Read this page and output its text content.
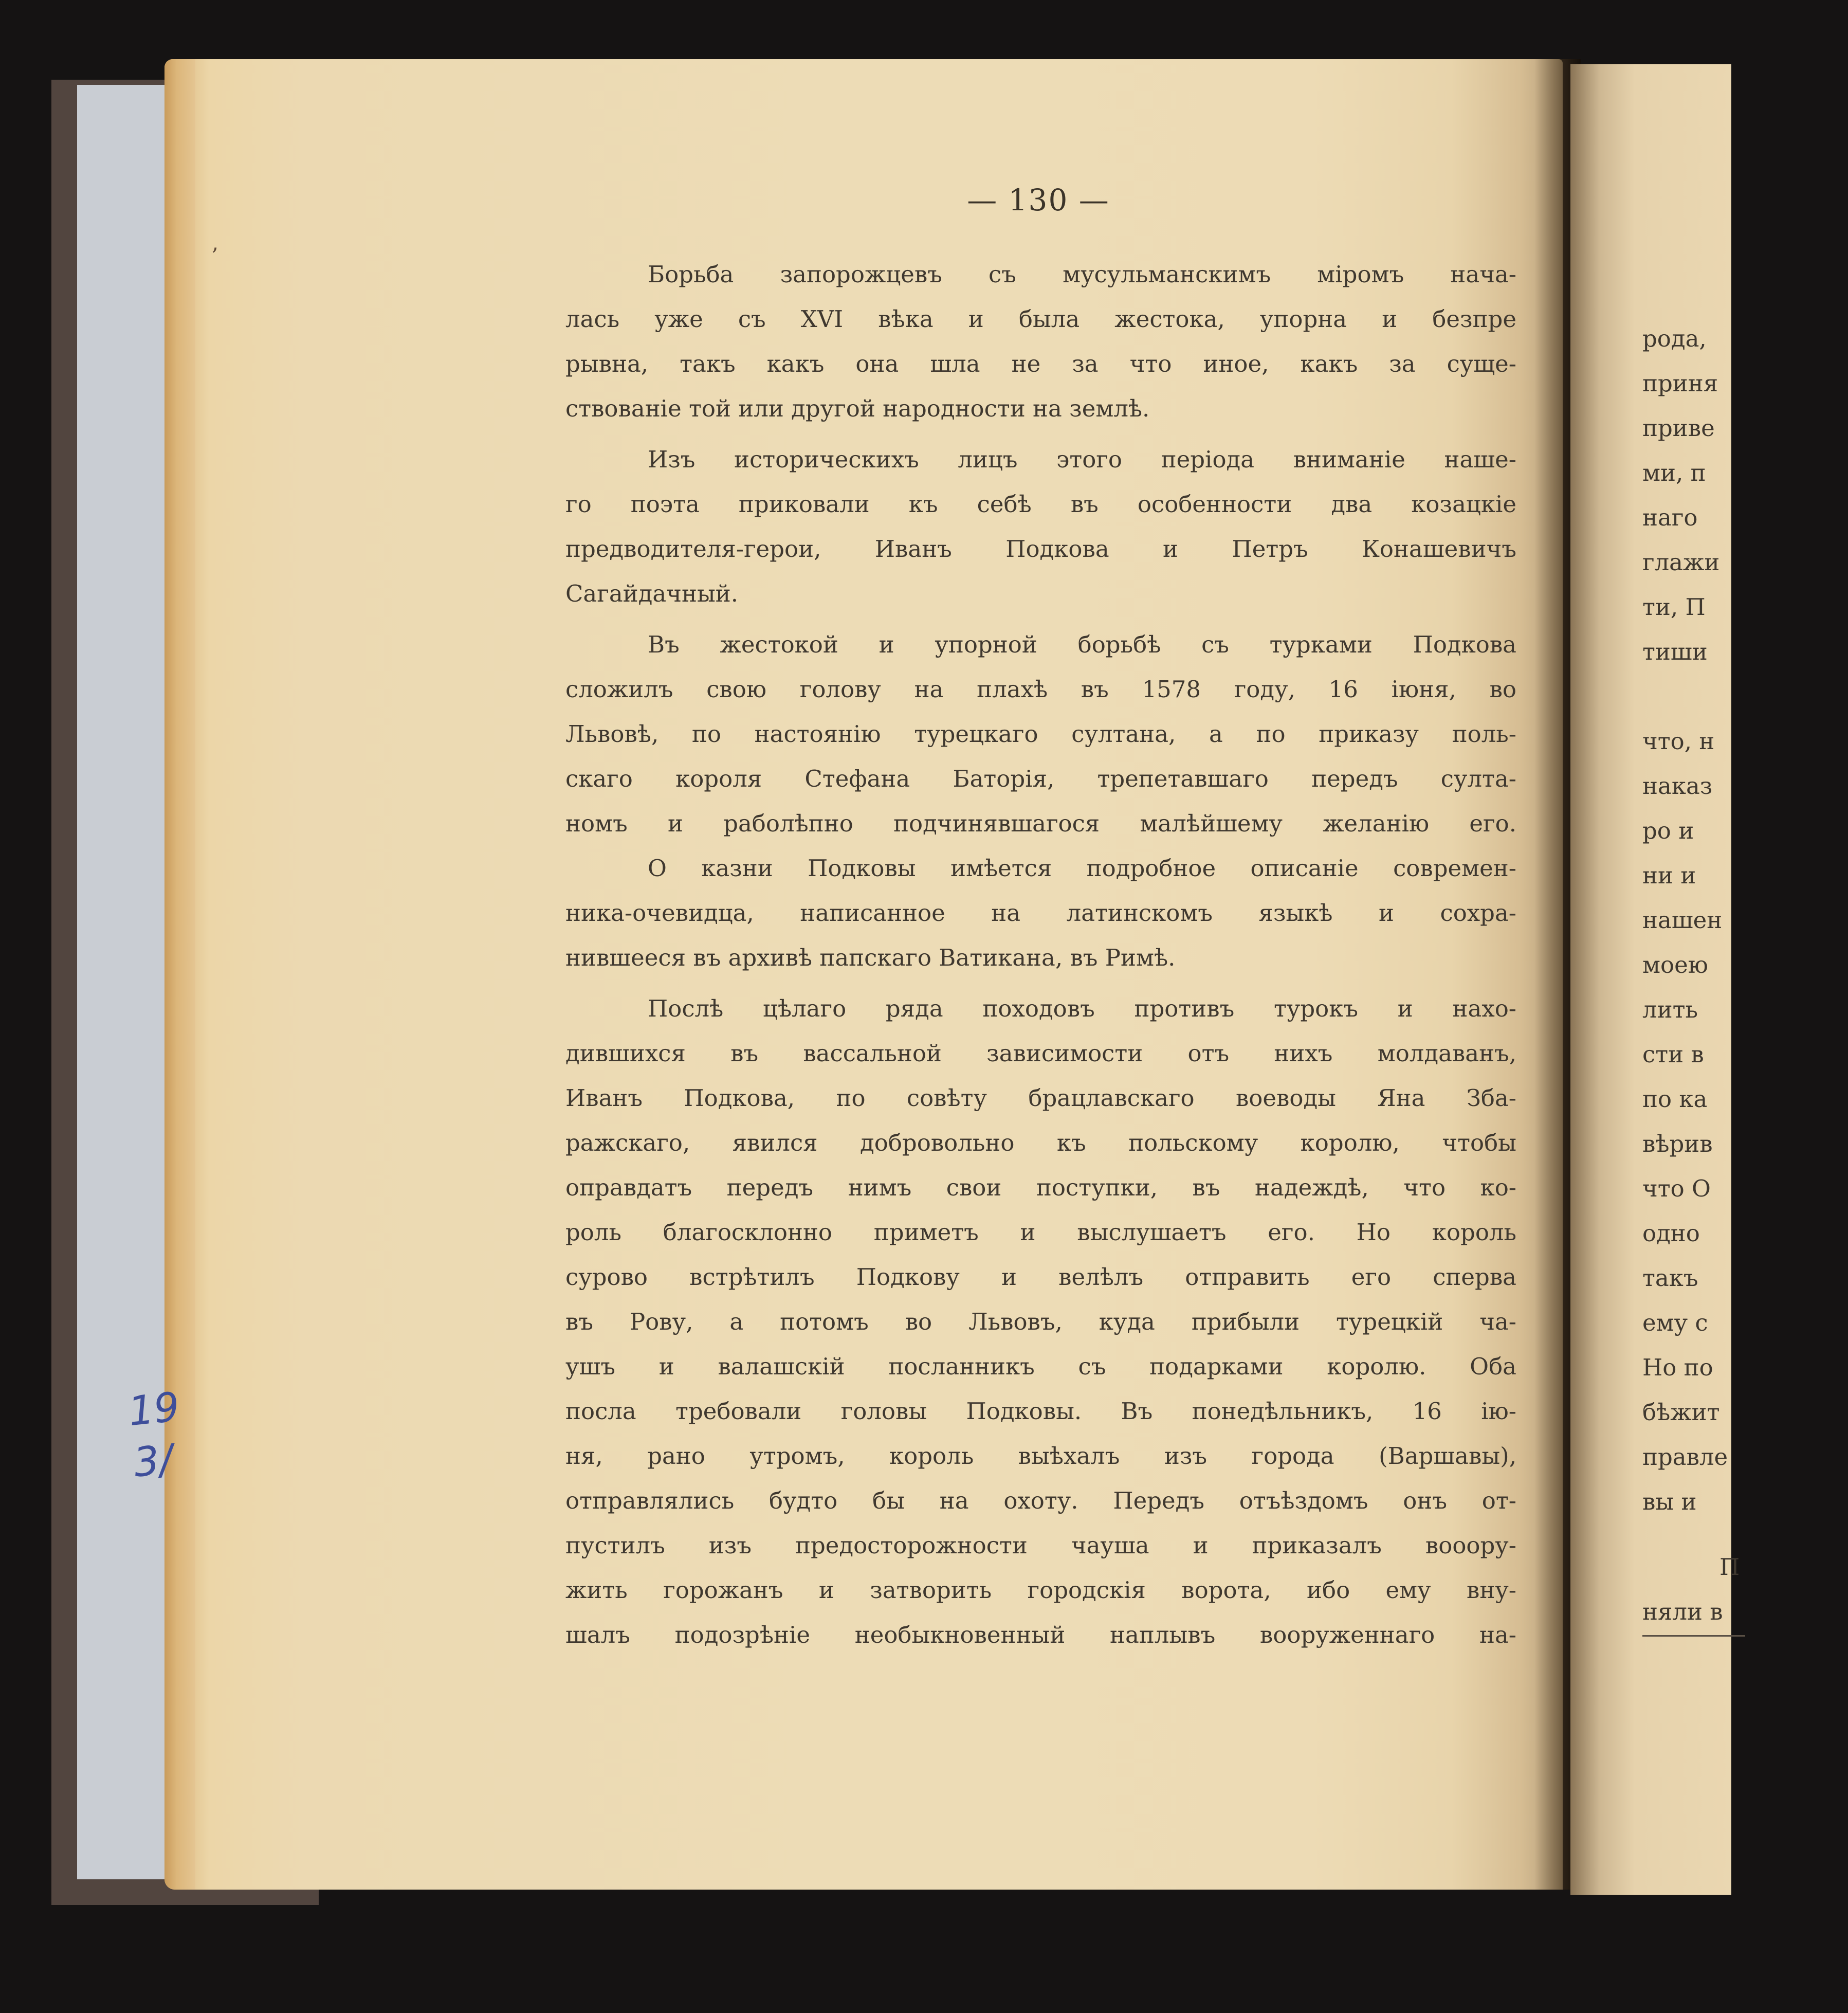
‚
— 130 —
Борьба запорожцевъ съ мусульманскимъ міромъ нача-
лась уже съ XVI вѣка и была жестока, упорна и безпре
рывна, такъ какъ она шла не за что иное, какъ за суще-
ствованіе той или другой народности на землѣ.
Изъ историческихъ лицъ этого періода вниманіе наше-
го поэта приковали къ себѣ въ особенности два козацкіе
предводителя-герои, Иванъ Подкова и Петръ Конашевичъ
Сагайдачный.
Въ жестокой и упорной борьбѣ съ турками Подкова
сложилъ свою голову на плахѣ въ 1578 году, 16 іюня, во
Львовѣ, по настоянію турецкаго султана, а по приказу поль-
скаго короля Стефана Баторія, трепетавшаго передъ султа-
номъ и раболѣпно подчинявшагося малѣйшему желанію его.
О казни Подковы имѣется подробное описаніе современ-
ника-очевидца, написанное на латинскомъ языкѣ и сохра-
нившееся въ архивѣ папскаго Ватикана, въ Римѣ.
Послѣ цѣлаго ряда походовъ противъ турокъ и нахо-
дившихся въ вассальной зависимости отъ нихъ молдаванъ,
Иванъ Подкова, по совѣту брацлавскаго воеводы Яна Зба-
ражскаго, явился добровольно къ польскому королю, чтобы
оправдатъ передъ нимъ свои поступки, въ надеждѣ, что ко-
роль благосклонно приметъ и выслушаетъ его. Но король
сурово встрѣтилъ Подкову и велѣлъ отправить его сперва
въ Рову, а потомъ во Львовъ, куда прибыли турецкій ча-
ушъ и валашскій посланникъ съ подарками королю. Оба
посла требовали головы Подковы. Въ понедѣльникъ, 16 ію-
ня, рано утромъ, король выѣхалъ изъ города (Варшавы),
отправлялись будто бы на охоту. Передъ отъѣздомъ онъ от-
пустилъ изъ предосторожности чауша и приказалъ вооору-
жить горожанъ и затворить городскія ворота, ибо ему вну-
шалъ подозрѣніе необыкновенный наплывъ вооруженнаго на-
рода,
приня
приве
ми, п
наго
глажи
ти, П
тиши
что, н
наказ
ро и
ни и
нашен
моею
лить
сти в
по ка
вѣрив
что О
одно
такъ
ему с
Но по
бѣжит
правле
вы и
П
няли в
19
3/
